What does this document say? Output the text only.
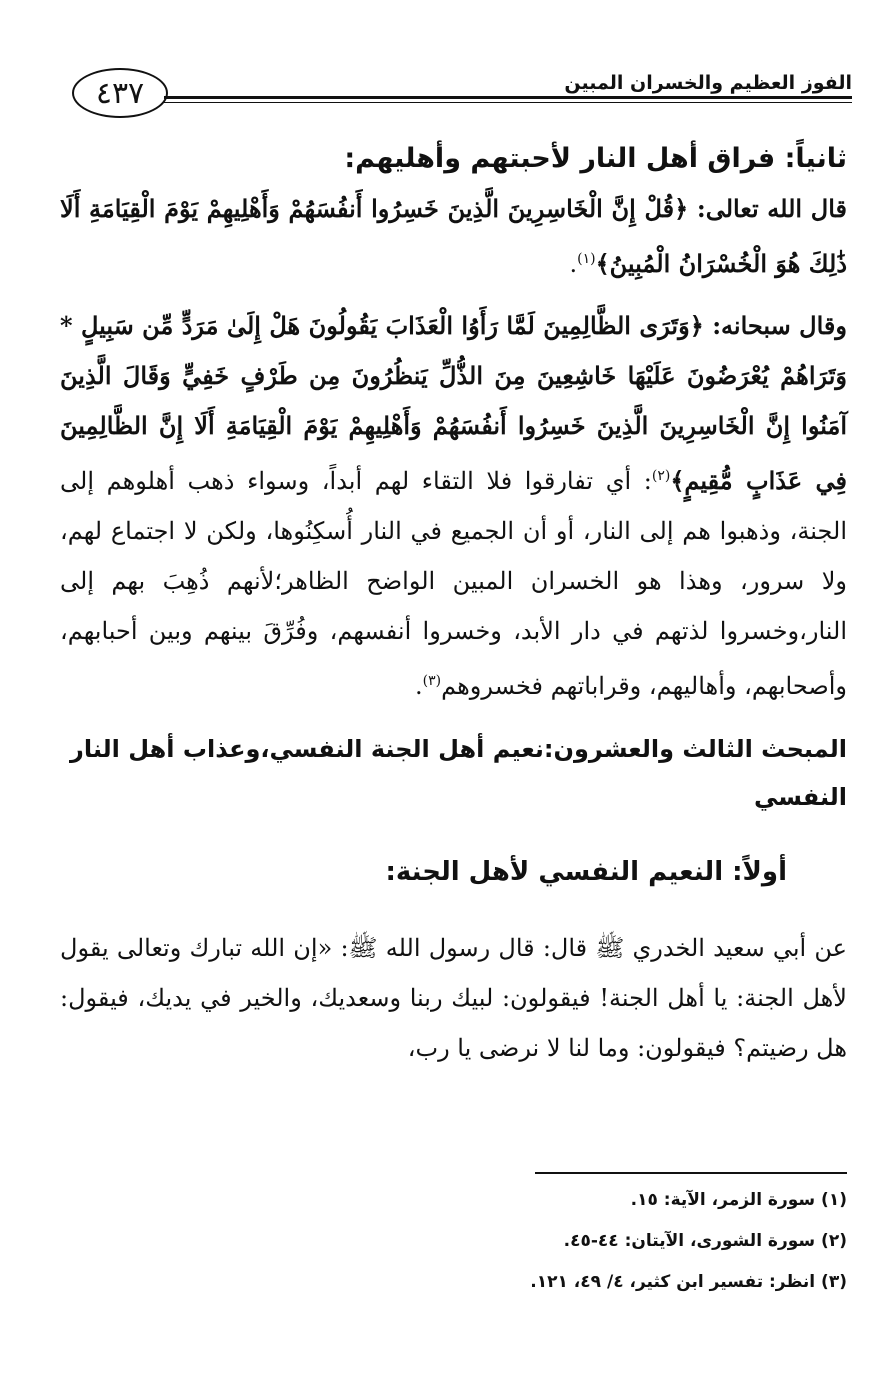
الفوز العظيم والخسران المبين
٤٣٧
ثانياً: فراق أهل النار لأحبتهم وأهليهم:

قال الله تعالى: ﴿قُلْ إِنَّ الْخَاسِرِينَ الَّذِينَ خَسِرُوا أَنفُسَهُمْ وَأَهْلِيهِمْ يَوْمَ الْقِيَامَةِ أَلَا ذَٰلِكَ هُوَ الْخُسْرَانُ الْمُبِينُ﴾$^{(١)}$.

وقال سبحانه: ﴿وَتَرَى الظَّالِمِينَ لَمَّا رَأَوُا الْعَذَابَ يَقُولُونَ هَلْ إِلَىٰ مَرَدٍّ مِّن سَبِيلٍ * وَتَرَاهُمْ يُعْرَضُونَ عَلَيْهَا خَاشِعِينَ مِنَ الذُّلِّ يَنظُرُونَ مِن طَرْفٍ خَفِيٍّ وَقَالَ الَّذِينَ آمَنُوا إِنَّ الْخَاسِرِينَ الَّذِينَ خَسِرُوا أَنفُسَهُمْ وَأَهْلِيهِمْ يَوْمَ الْقِيَامَةِ أَلَا إِنَّ الظَّالِمِينَ فِي عَذَابٍ مُّقِيمٍ﴾$^{(٢)}$: أي تفارقوا فلا التقاء لهم أبداً، وسواء ذهب أهلوهم إلى الجنة، وذهبوا هم إلى النار، أو أن الجميع في النار أُسكِنُوها، ولكن لا اجتماع لهم، ولا سرور، وهذا هو الخسران المبين الواضح الظاهر؛لأنهم ذُهِبَ بهم إلى النار،وخسروا لذتهم في دار الأبد، وخسروا أنفسهم، وفُرِّقَ بينهم وبين أحبابهم، وأصحابهم، وأهاليهم، وقراباتهم فخسروهم$^{(٣)}$.

المبحث الثالث والعشرون:نعيم أهل الجنة النفسي،وعذاب أهل النار النفسي
أولاً: النعيم النفسي لأهل الجنة:

عن أبي سعيد الخدري ﷺ قال: قال رسول الله ﷺ: «إن الله تبارك وتعالى يقول لأهل الجنة: يا أهل الجنة! فيقولون: لبيك ربنا وسعديك، والخير في يديك، فيقول: هل رضيتم؟ فيقولون: وما لنا لا نرضى يا رب،

(١) سورة الزمر، الآية: ١٥.

(٢) سورة الشورى، الآيتان: ٤٤-٤٥.

(٣) انظر: تفسير ابن كثير، ٤/ ٤٩، ١٢١.
